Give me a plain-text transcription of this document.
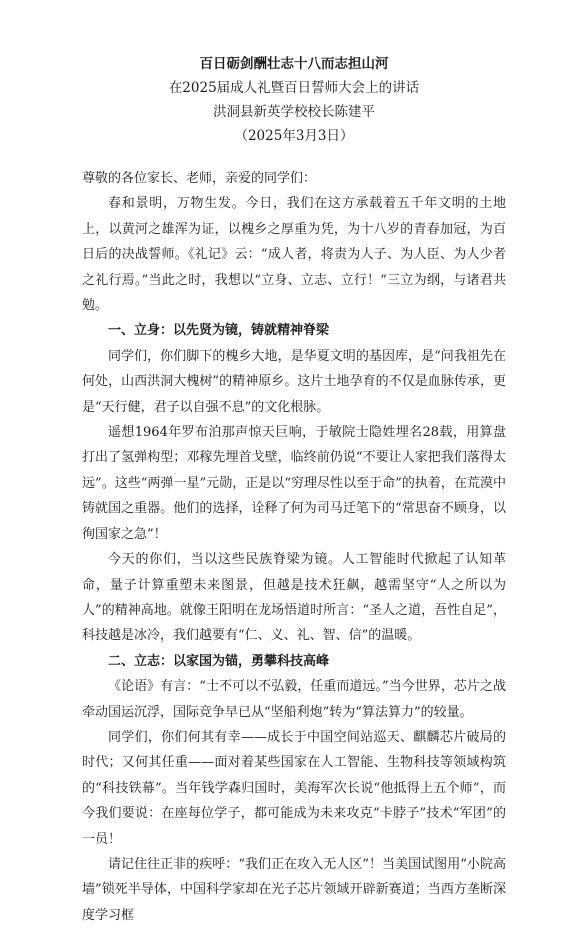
百日砺剑酬壮志十八而志担山河
在2025届成人礼暨百日誓师大会上的讲话
洪洞县新英学校校长陈建平
（2025年3月3日）

尊敬的各位家长、老师，亲爱的同学们：

春和景明，万物生发。今日，我们在这方承载着五千年文明的土地上，以黄河之雄浑为证，以槐乡之厚重为凭，为十八岁的青春加冠，为百日后的决战誓师。《礼记》云：“成人者，将责为人子、为人臣、为人少者之礼行焉。”当此之时，我想以“立身、立志、立行！”三立为纲，与诸君共勉。

一、立身：以先贤为镜，铸就精神脊梁

同学们，你们脚下的槐乡大地，是华夏文明的基因库，是“问我祖先在何处，山西洪洞大槐树”的精神原乡。这片土地孕育的不仅是血脉传承，更是“天行健，君子以自强不息”的文化根脉。

遥想1964年罗布泊那声惊天巨响，于敏院士隐姓埋名28载，用算盘打出了氢弹构型；邓稼先埋首戈壁，临终前仍说“不要让人家把我们落得太远”。这些“两弹一星”元勋，正是以“穷理尽性以至于命”的执着，在荒漠中铸就国之重器。他们的选择，诠释了何为司马迁笔下的“常思奋不顾身，以徇国家之急”！

今天的你们，当以这些民族脊梁为镜。人工智能时代掀起了认知革命，量子计算重塑未来图景，但越是技术狂飙，越需坚守“人之所以为人”的精神高地。就像王阳明在龙场悟道时所言：“圣人之道，吾性自足”，科技越是冰冷，我们越要有“仁、义、礼、智、信”的温暖。

二、立志：以家国为锚，勇攀科技高峰

《论语》有言：“士不可以不弘毅，任重而道远。”当今世界，芯片之战牵动国运沉浮，国际竞争早已从“坚船利炮”转为“算法算力”的较量。

同学们，你们何其有幸——成长于中国空间站巡天、麒麟芯片破局的时代；又何其任重——面对着某些国家在人工智能、生物科技等领域构筑的“科技铁幕”。当年钱学森归国时，美海军次长说“他抵得上五个师”，而今我们要说：在座每位学子，都可能成为未来攻克“卡脖子”技术“军团”的一员！

请记住往正非的疾呼：“我们正在攻入无人区”！当美国试图用“小院高墙”锁死半导体，中国科学家却在光子芯片领域开辟新赛道；当西方垄断深度学习框
